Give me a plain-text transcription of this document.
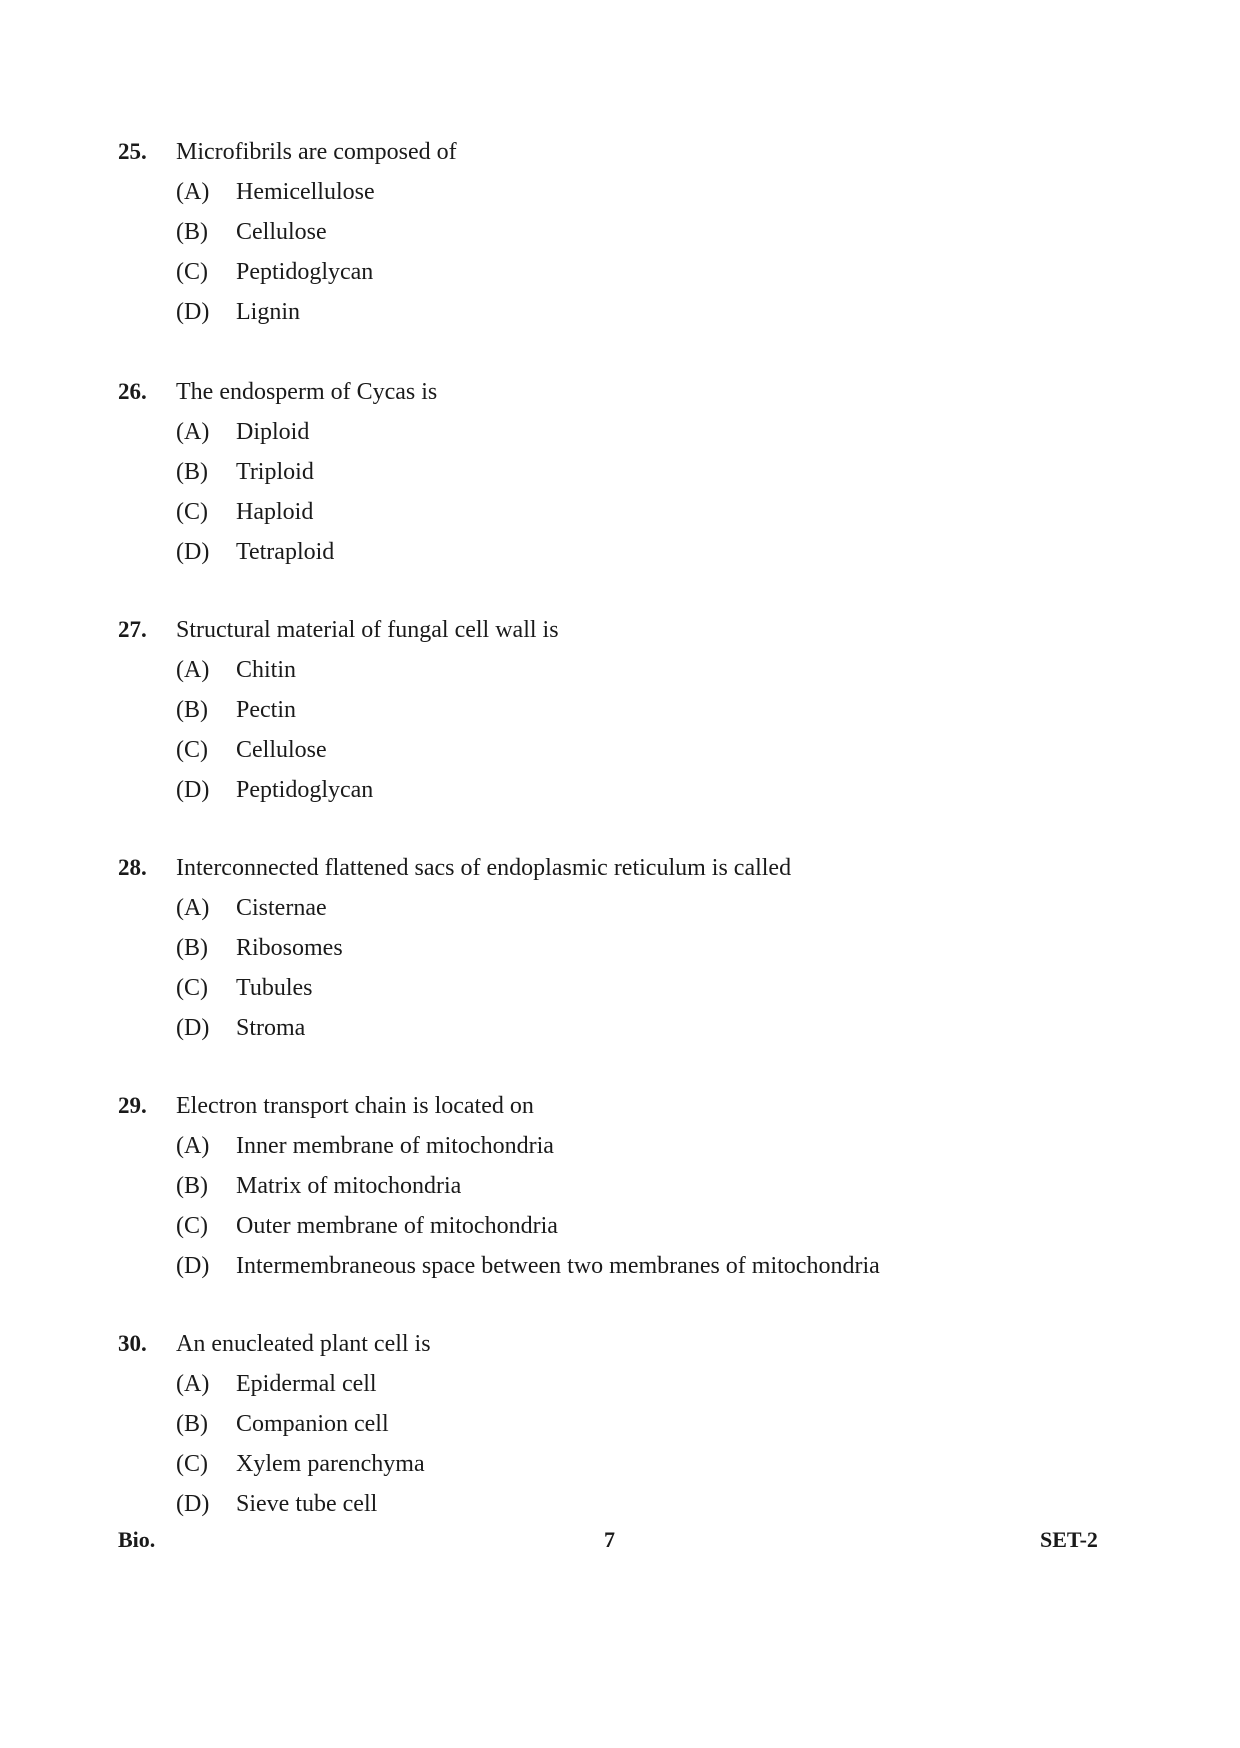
25. Microfibrils are composed of
(A) Hemicellulose
(B) Cellulose
(C) Peptidoglycan
(D) Lignin
26. The endosperm of Cycas is
(A) Diploid
(B) Triploid
(C) Haploid
(D) Tetraploid
27. Structural material of fungal cell wall is
(A) Chitin
(B) Pectin
(C) Cellulose
(D) Peptidoglycan
28. Interconnected flattened sacs of endoplasmic reticulum is called
(A) Cisternae
(B) Ribosomes
(C) Tubules
(D) Stroma
29. Electron transport chain is located on
(A) Inner membrane of mitochondria
(B) Matrix of mitochondria
(C) Outer membrane of mitochondria
(D) Intermembraneous space between two membranes of mitochondria
30. An enucleated plant cell is
(A) Epidermal cell
(B) Companion cell
(C) Xylem parenchyma
(D) Sieve tube cell
Bio.	7	SET-2
